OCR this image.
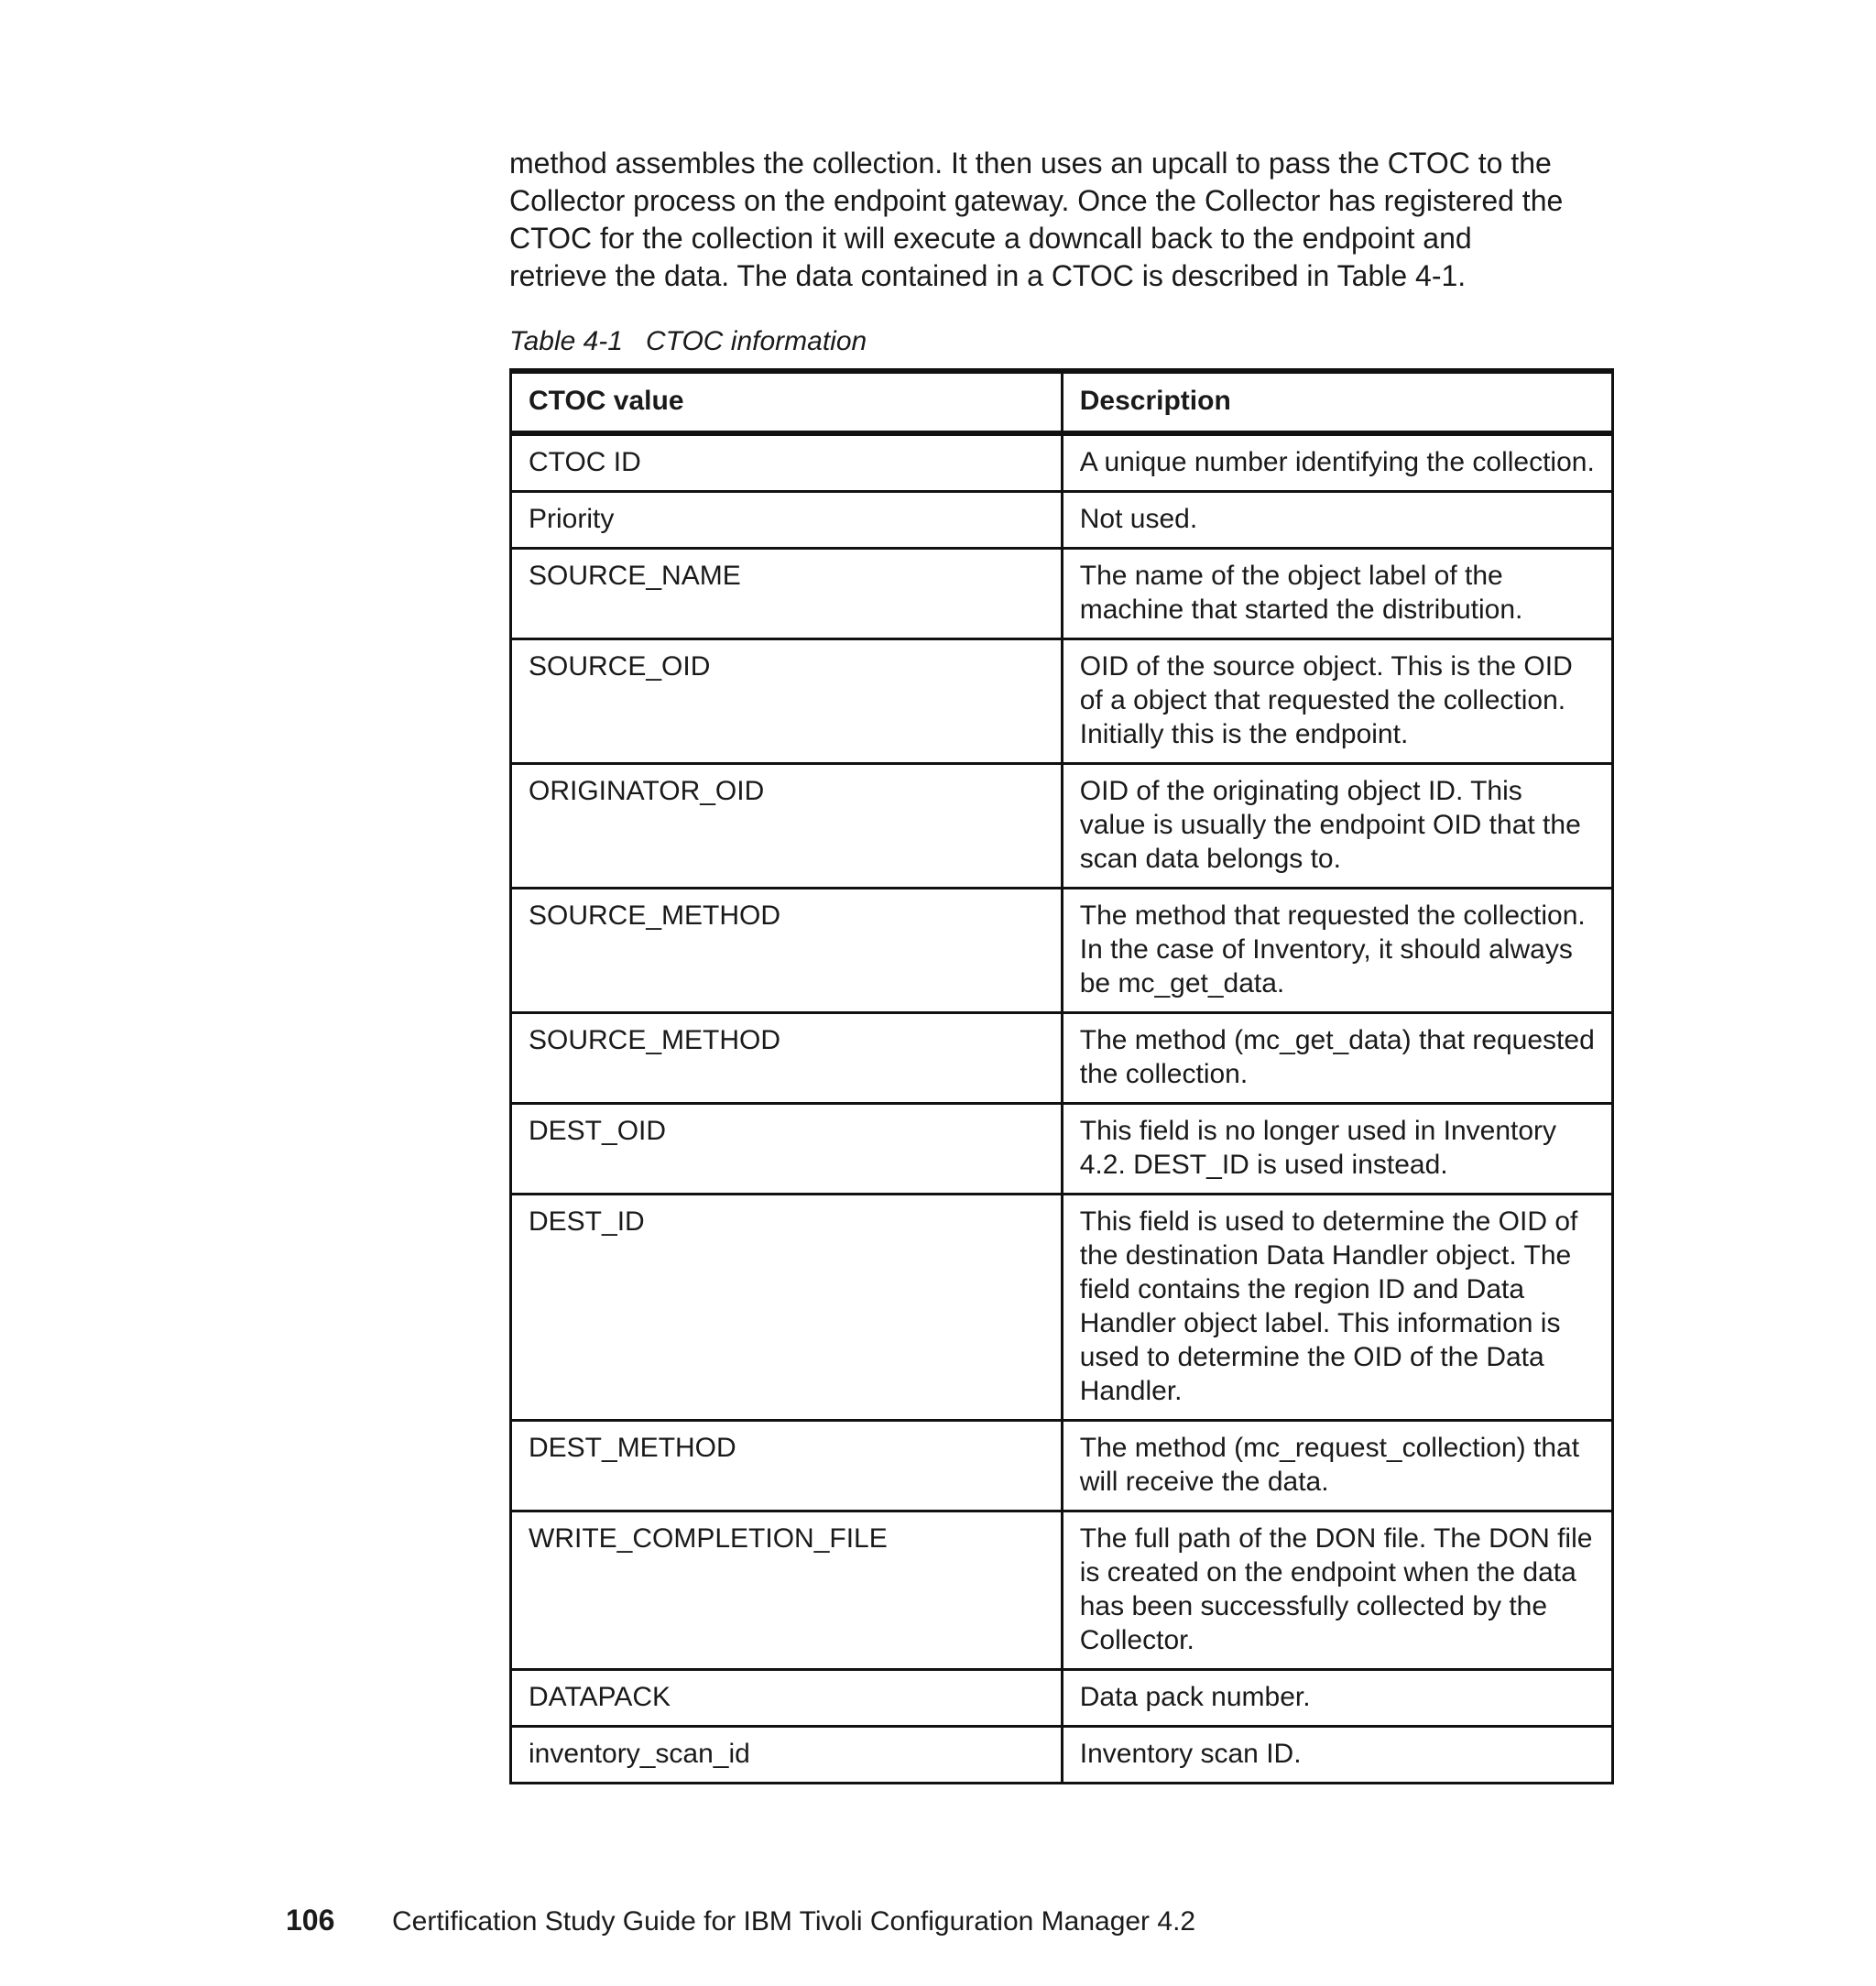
method assembles the collection. It then uses an upcall to pass the CTOC to the

Collector process on the endpoint gateway. Once the Collector has registered the

CTOC for the collection it will execute a downcall back to the endpoint and

retrieve the data. The data contained in a CTOC is described in Table 4-1.

Table 4-1 CTOC information
CTOC value	Description
CTOC ID	A unique number identifying the collection.
Priority	Not used.
SOURCE_NAME	The name of the object label of the machine that started the distribution.
SOURCE_OID	OID of the source object. This is the OID of a object that requested the collection. Initially this is the endpoint.
ORIGINATOR_OID	OID of the originating object ID. This value is usually the endpoint OID that the scan data belongs to.
SOURCE_METHOD	The method that requested the collection. In the case of Inventory, it should always be mc_get_data.
SOURCE_METHOD	The method (mc_get_data) that requested the collection.
DEST_OID	This field is no longer used in Inventory 4.2. DEST_ID is used instead.
DEST_ID	This field is used to determine the OID of the destination Data Handler object. The field contains the region ID and Data Handler object label. This information is used to determine the OID of the Data Handler.
DEST_METHOD	The method (mc_request_collection) that will receive the data.
WRITE_COMPLETION_FILE	The full path of the DON file. The DON file is created on the endpoint when the data has been successfully collected by the Collector.
DATAPACK	Data pack number.
inventory_scan_id	Inventory scan ID.
106 Certification Study Guide for IBM Tivoli Configuration Manager 4.2
